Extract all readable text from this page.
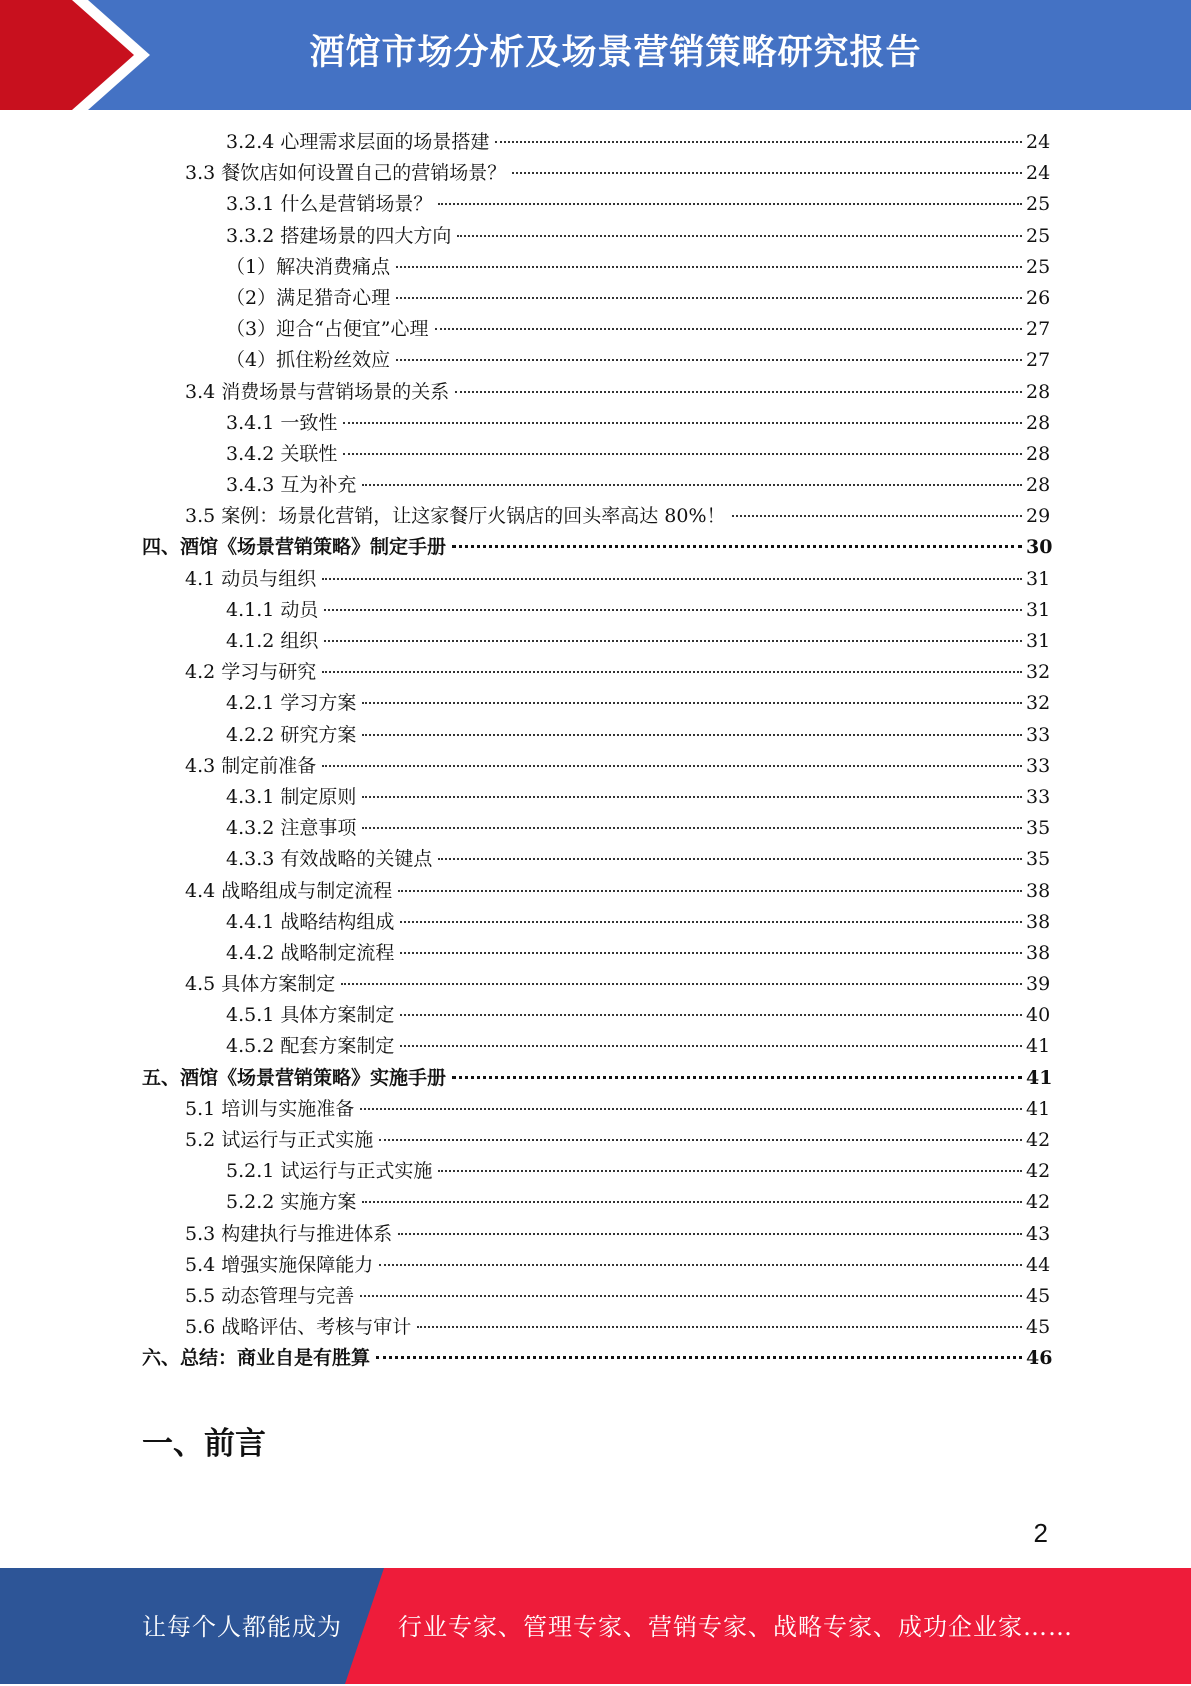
酒馆市场分析及场景营销策略研究报告
3.2.4 心理需求层面的场景搭建	24
3.3 餐饮店如何设置自己的营销场景？	24
3.3.1 什么是营销场景？	25
3.3.2 搭建场景的四大方向	25
（1）解决消费痛点	25
（2）满足猎奇心理	26
（3）迎合“占便宜”心理	27
（4）抓住粉丝效应	27
3.4 消费场景与营销场景的关系	28
3.4.1 一致性	28
3.4.2 关联性	28
3.4.3 互为补充	28
3.5 案例：场景化营销，让这家餐厅火锅店的回头率高达 80%！	29
四、酒馆《场景营销策略》制定手册	30
4.1 动员与组织	31
4.1.1 动员	31
4.1.2 组织	31
4.2 学习与研究	32
4.2.1 学习方案	32
4.2.2 研究方案	33
4.3 制定前准备	33
4.3.1 制定原则	33
4.3.2 注意事项	35
4.3.3 有效战略的关键点	35
4.4 战略组成与制定流程	38
4.4.1 战略结构组成	38
4.4.2 战略制定流程	38
4.5 具体方案制定	39
4.5.1 具体方案制定	40
4.5.2 配套方案制定	41
五、酒馆《场景营销策略》实施手册	41
5.1 培训与实施准备	41
5.2 试运行与正式实施	42
5.2.1 试运行与正式实施	42
5.2.2 实施方案	42
5.3 构建执行与推进体系	43
5.4 增强实施保障能力	44
5.5 动态管理与完善	45
5.6 战略评估、考核与审计	45
六、总结：商业自是有胜算	46
一、前言
2
让每个人都能成为 行业专家、管理专家、营销专家、战略专家、成功企业家……
